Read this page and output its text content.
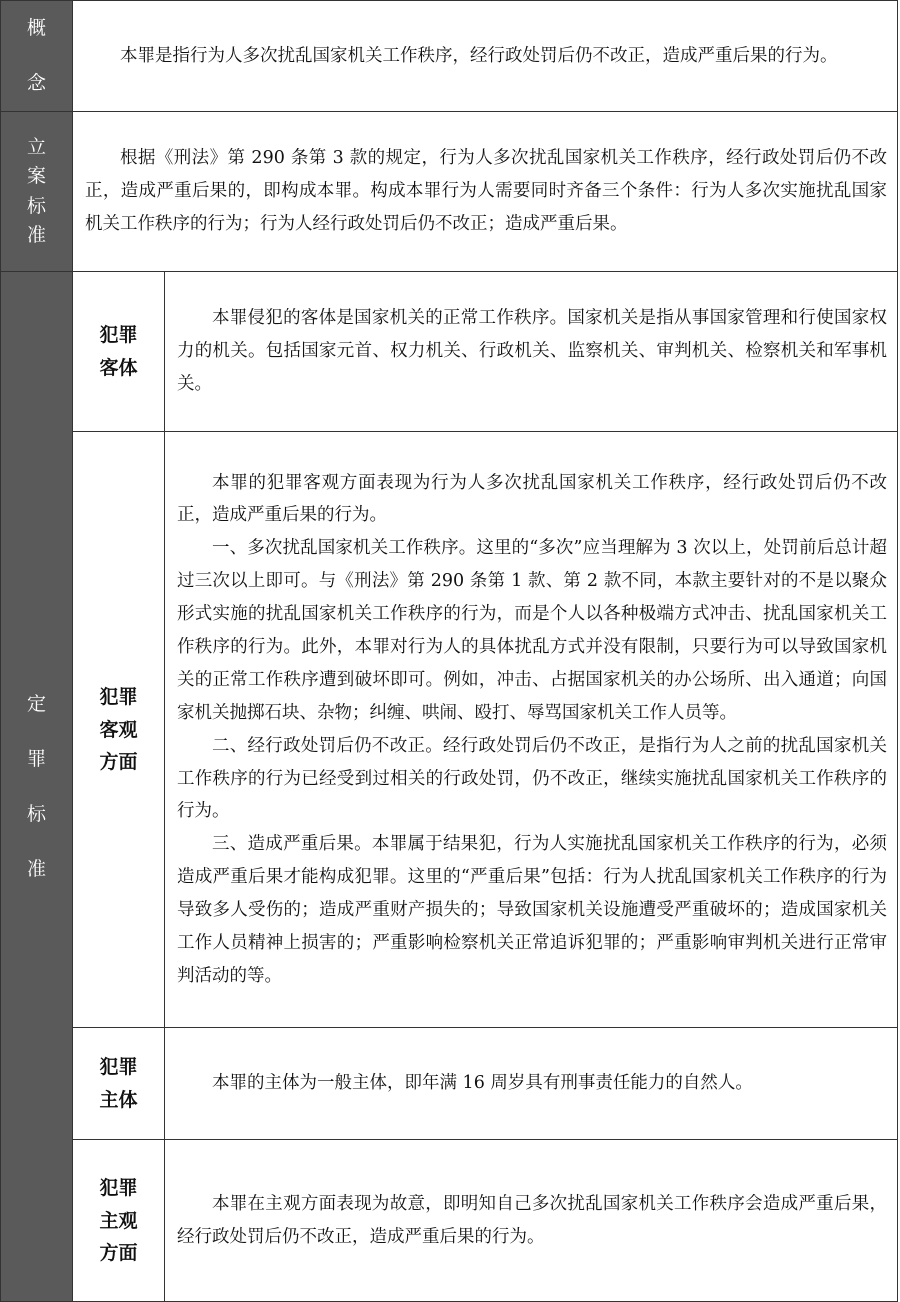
概念	本罪是指行为人多次扰乱国家机关工作秩序，经行政处罚后仍不改正，造成严重后果的行为。	

立案标准	根据《刑法》第 290 条第 3 款的规定，行为人多次扰乱国家机关工作秩序，经行政处罚后仍不改正，造成严重后果的，即构成本罪。构成本罪行为人需要同时齐备三个条件：行为人多次实施扰乱国家机关工作秩序的行为；行为人经行政处罚后仍不改正；造成严重后果。	

定罪标准	犯罪客体	本罪侵犯的客体是国家机关的正常工作秩序。国家机关是指从事国家管理和行使国家权力的机关。包括国家元首、权力机关、行政机关、监察机关、审判机关、检察机关和军事机关。

	犯罪客观方面	本罪的犯罪客观方面表现为行为人多次扰乱国家机关工作秩序，经行政处罚后仍不改正，造成严重后果的行为。

一、多次扰乱国家机关工作秩序。这里的“多次”应当理解为 3 次以上，处罚前后总计超过三次以上即可。与《刑法》第 290 条第 1 款、第 2 款不同，本款主要针对的不是以聚众形式实施的扰乱国家机关工作秩序的行为，而是个人以各种极端方式冲击、扰乱国家机关工作秩序的行为。此外，本罪对行为人的具体扰乱方式并没有限制，只要行为可以导致国家机关的正常工作秩序遭到破坏即可。例如，冲击、占据国家机关的办公场所、出入通道；向国家机关抛掷石块、杂物；纠缠、哄闹、殴打、辱骂国家机关工作人员等。

二、经行政处罚后仍不改正。经行政处罚后仍不改正，是指行为人之前的扰乱国家机关工作秩序的行为已经受到过相关的行政处罚，仍不改正，继续实施扰乱国家机关工作秩序的行为。

三、造成严重后果。本罪属于结果犯，行为人实施扰乱国家机关工作秩序的行为，必须造成严重后果才能构成犯罪。这里的“严重后果”包括：行为人扰乱国家机关工作秩序的行为导致多人受伤的；造成严重财产损失的；导致国家机关设施遭受严重破坏的；造成国家机关工作人员精神上损害的；严重影响检察机关正常追诉犯罪的；严重影响审判机关进行正常审判活动的等。

	犯罪主体	本罪的主体为一般主体，即年满 16 周岁具有刑事责任能力的自然人。

	犯罪主观方面	本罪在主观方面表现为故意，即明知自己多次扰乱国家机关工作秩序会造成严重后果，经行政处罚后仍不改正，造成严重后果的行为。
